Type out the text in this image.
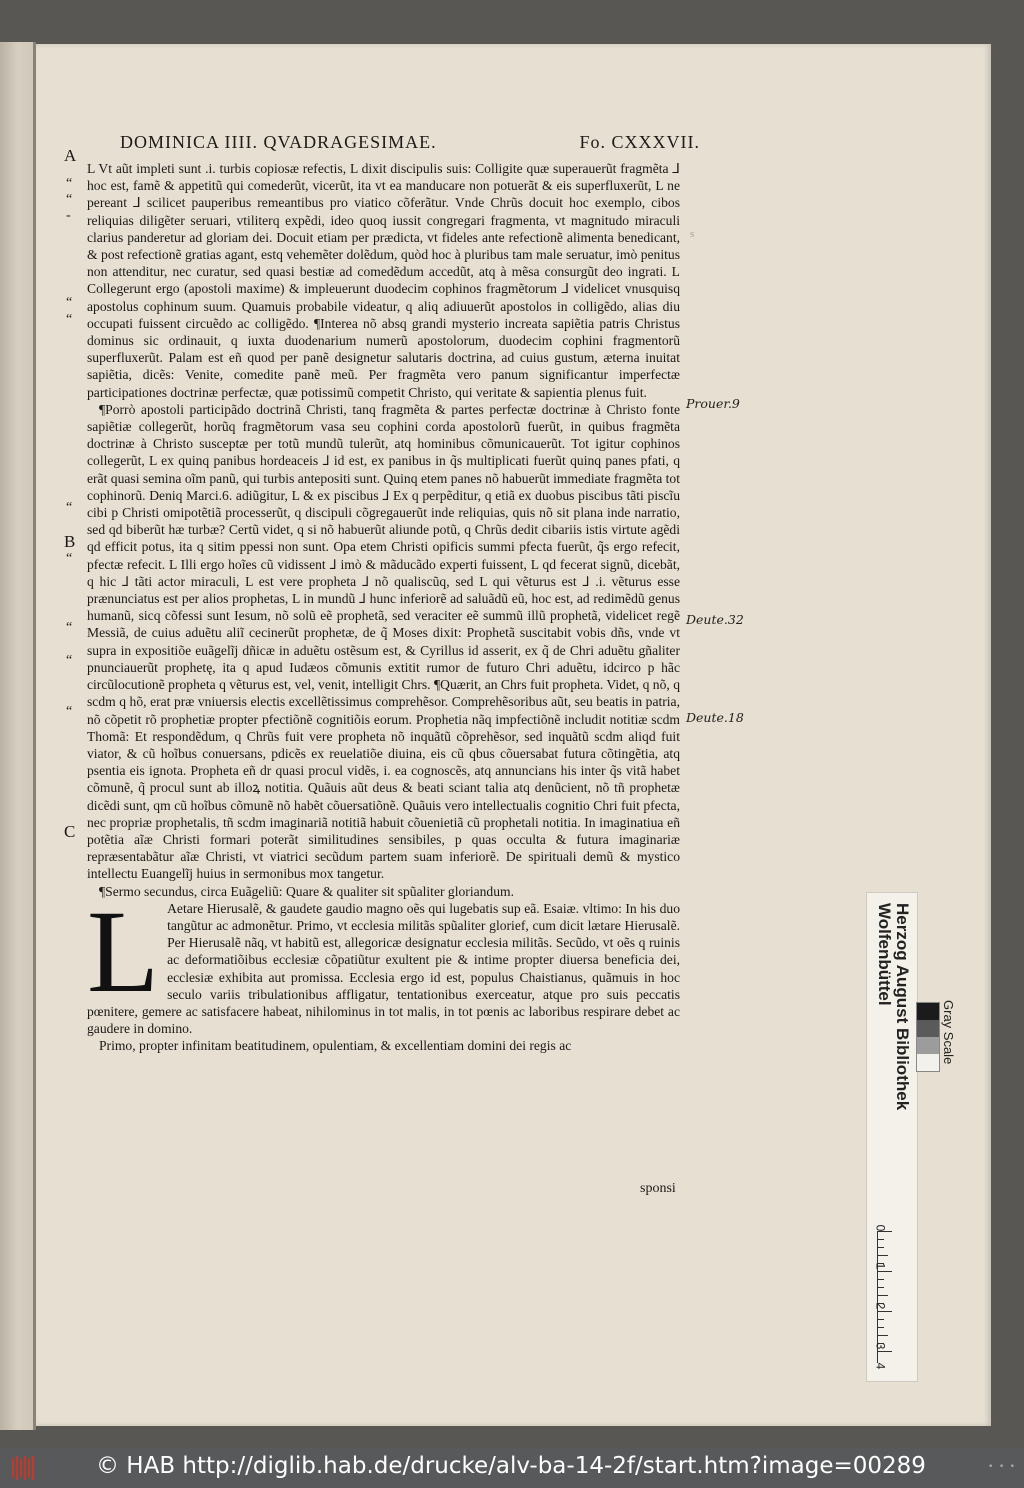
DOMINICA IIII. QVADRAGESIMAE.	Fo. CXXXVII.
A
“
“
-
“
“
“
B
“
“
“
“
C
s
Prouer.9
Deute.32
Deute.18

L Vt aũt impleti sunt .i. turbis copiosæ refectis, L dixit discipulis suis: Colligite quæ superauerũt fragmẽta ⅃ hoc est, famẽ & appetitũ qui comederũt, vicerũt, ita vt ea manducare non potuerãt & eis superfluxerũt, L ne pereant ⅃ scilicet pauperibus remeantibus pro viatico cõferãtur. Vnde Chrũs docuit hoc exemplo, cibos reliquias diligẽter seruari, vtiliterq expẽdi, ideo quoq iussit congregari fragmenta, vt magnitudo miraculi clarius panderetur ad gloriam dei. Docuit etiam per prædicta, vt fideles ante refectionẽ alimenta benedicant, & post refectionẽ gratias agant, estq vehemẽter dolẽdum, quòd hoc à pluribus tam male seruatur, imò penitus non attenditur, nec curatur, sed quasi bestiæ ad comedẽdum accedũt, atq à mẽsa consurgũt deo ingrati. L Collegerunt ergo (apostoli maxime) & impleuerunt duodecim cophinos fragmẽtorum ⅃ videlicet vnusquisq apostolus cophinum suum. Quamuis probabile videatur, q aliq adiuuerũt apostolos in colligẽdo, alias diu occupati fuissent circuẽdo ac colligẽdo. ¶Interea nõ absq grandi mysterio increata sapiẽtia patris Christus dominus sic ordinauit, q iuxta duodenarium numerũ apostolorum, duodecim cophini fragmentorũ superfluxerũt. Palam est eñ quod per panẽ designetur salutaris doctrina, ad cuius gustum, æterna inuitat sapiẽtia, dicẽs: Venite, comedite panẽ meũ. Per fragmẽta vero panum significantur imperfectæ participationes doctrinæ perfectæ, quæ potissimũ competit Christo, qui veritate & sapientia plenus fuit.

¶Porrò apostoli participãdo doctrinã Christi, tanq fragmẽta & partes perfectæ doctrinæ à Christo fonte sapiẽtiæ collegerũt, horũq fragmẽtorum vasa seu cophini corda apostolorũ fuerũt, in quibus fragmẽta doctrinæ à Christo susceptæ per totũ mundũ tulerũt, atq hominibus cõmunicauerũt. Tot igitur cophinos collegerũt, L ex quinq panibus hordeaceis ⅃ id est, ex panibus in q̃s multiplicati fuerũt quinq panes pfati, q erãt quasi semina oĩm panũ, qui turbis antepositi sunt. Quinq etem panes nõ habuerũt immediate fragmẽta tot cophinorũ. Deniq Marci.6. adiũgitur, L & ex piscibus ⅃ Ex q perpẽditur, q etiã ex duobus piscibus tãti piscĩu cibi p Christi omipotẽtiã processerũt, q discipuli cõgregauerũt inde reliquias, quis nõ sit plana inde narratio, sed qd biberũt hæ turbæ? Certũ videt, q si nõ habuerũt aliunde potũ, q Chrũs dedit cibariis istis virtute agẽdi qd efficit potus, ita q sitim ppessi non sunt. Opa etem Christi opificis summi pfecta fuerũt, q̃s ergo refecit, pfectæ refecit. L Illi ergo hoĩes cũ vidissent ⅃ imò & mãducãdo experti fuissent, L qd fecerat signũ, dicebãt, q hic ⅃ tãti actor miraculi, L est vere propheta ⅃ nõ qualiscũq, sed L qui vẽturus est ⅃ .i. vẽturus esse prænunciatus est per alios prophetas, L in mundũ ⅃ hunc inferiorẽ ad saluãdũ eũ, hoc est, ad redimẽdũ genus humanũ, sicq cõfessi sunt Iesum, nõ solũ eẽ prophetã, sed veraciter eẽ summũ illũ prophetã, videlicet regẽ Messiã, de cuius aduẽtu aliĩ cecinerũt prophetæ, de q̃ Moses dixit: Prophetã suscitabit vobis dñs, vnde vt supra in expositiõe euãgelĩj dñicæ in aduẽtu ostẽsum est, & Cyrillus id asserit, ex q̃ de Chri aduẽtu gñaliter pnunciauerũt prophetę, ita q apud Iudæos cõmunis extitit rumor de futuro Chri aduẽtu, idcirco p hãc circũlocutionẽ propheta q vẽturus est, vel, venit, intelligit Chrs. ¶Quærit, an Chrs fuit propheta. Videt, q nõ, q scdm q hõ, erat præ vniuersis electis excellẽtissimus comprehẽsor. Comprehẽsoribus aũt, seu beatis in patria, nõ cõpetit rõ prophetiæ propter pfectiõnẽ cognitiõis eorum. Prophetia nãq impfectiõnẽ includit notitiæ scdm Thomã: Et respondẽdum, q Chrũs fuit vere propheta nõ inquãtũ cõprehẽsor, sed inquãtũ scdm aliqd fuit viator, & cũ hoĩbus conuersans, pdicẽs ex reuelatiõe diuina, eis cũ qbus cõuersabat futura cõtingẽtia, atq psentia eis ignota. Propheta eñ dr quasi procul vidẽs, i. ea cognoscẽs, atq annuncians his inter q̃s vitã habet cõmunẽ, q̃ procul sunt ab illoꝝ notitia. Quãuis aũt deus & beati sciant talia atq denũcient, nõ tñ prophetæ dicẽdi sunt, qm cũ hoĩbus cõmunẽ nõ habẽt cõuersatiõnẽ. Quãuis vero intellectualis cognitio Chri fuit pfecta, nec propriæ prophetalis, tñ scdm imaginariã notitiã habuit cõuenietiã cũ prophetali notitia. In imaginatiua eñ potẽtia aĩæ Christi formari poterãt similitudines sensibiles, p quas occulta & futura imaginariæ repræsentabãtur aĩæ Christi, vt viatrici secũdum partem suam inferiorẽ. De spirituali demũ & mystico intellectu Euangelĩj huius in sermonibus mox tangetur.

¶Sermo secundus, circa Euãgeliũ: Quare & qualiter sit spũaliter gloriandum.

L Aetare Hierusalẽ, & gaudete gaudio magno oẽs qui lugebatis sup eã. Esaiæ. vltimo: In his duo tangũtur ac admonẽtur. Primo, vt ecclesia militãs spũaliter glorief, cum dicit lætare Hierusalẽ. Per Hierusalẽ nãq, vt habitũ est, allegoricæ designatur ecclesia militãs. Secũdo, vt oẽs q ruinis ac deformatiõibus ecclesiæ cõpatiũtur exultent pie & intime propter diuersa beneficia dei, ecclesiæ exhibita aut promissa. Ecclesia ergo id est, populus Chaistianus, quãmuis in hoc seculo variis tribulationibus affligatur, tentationibus exerceatur, atque pro suis peccatis pœnitere, gemere ac satisfacere habeat, nihilominus in tot malis, in tot pœnis ac laboribus respirare debet ac gaudere in domino.

Primo, propter infinitam beatitudinem, opulentiam, & excellentiam domini dei regis ac

sponsi
Herzog August Bibliothek Wolfenbüttel
0
1
2
3
4
Gray Scale
© HAB http://diglib.hab.de/drucke/alv-ba-14-2f/start.htm?image=00289	• • •
